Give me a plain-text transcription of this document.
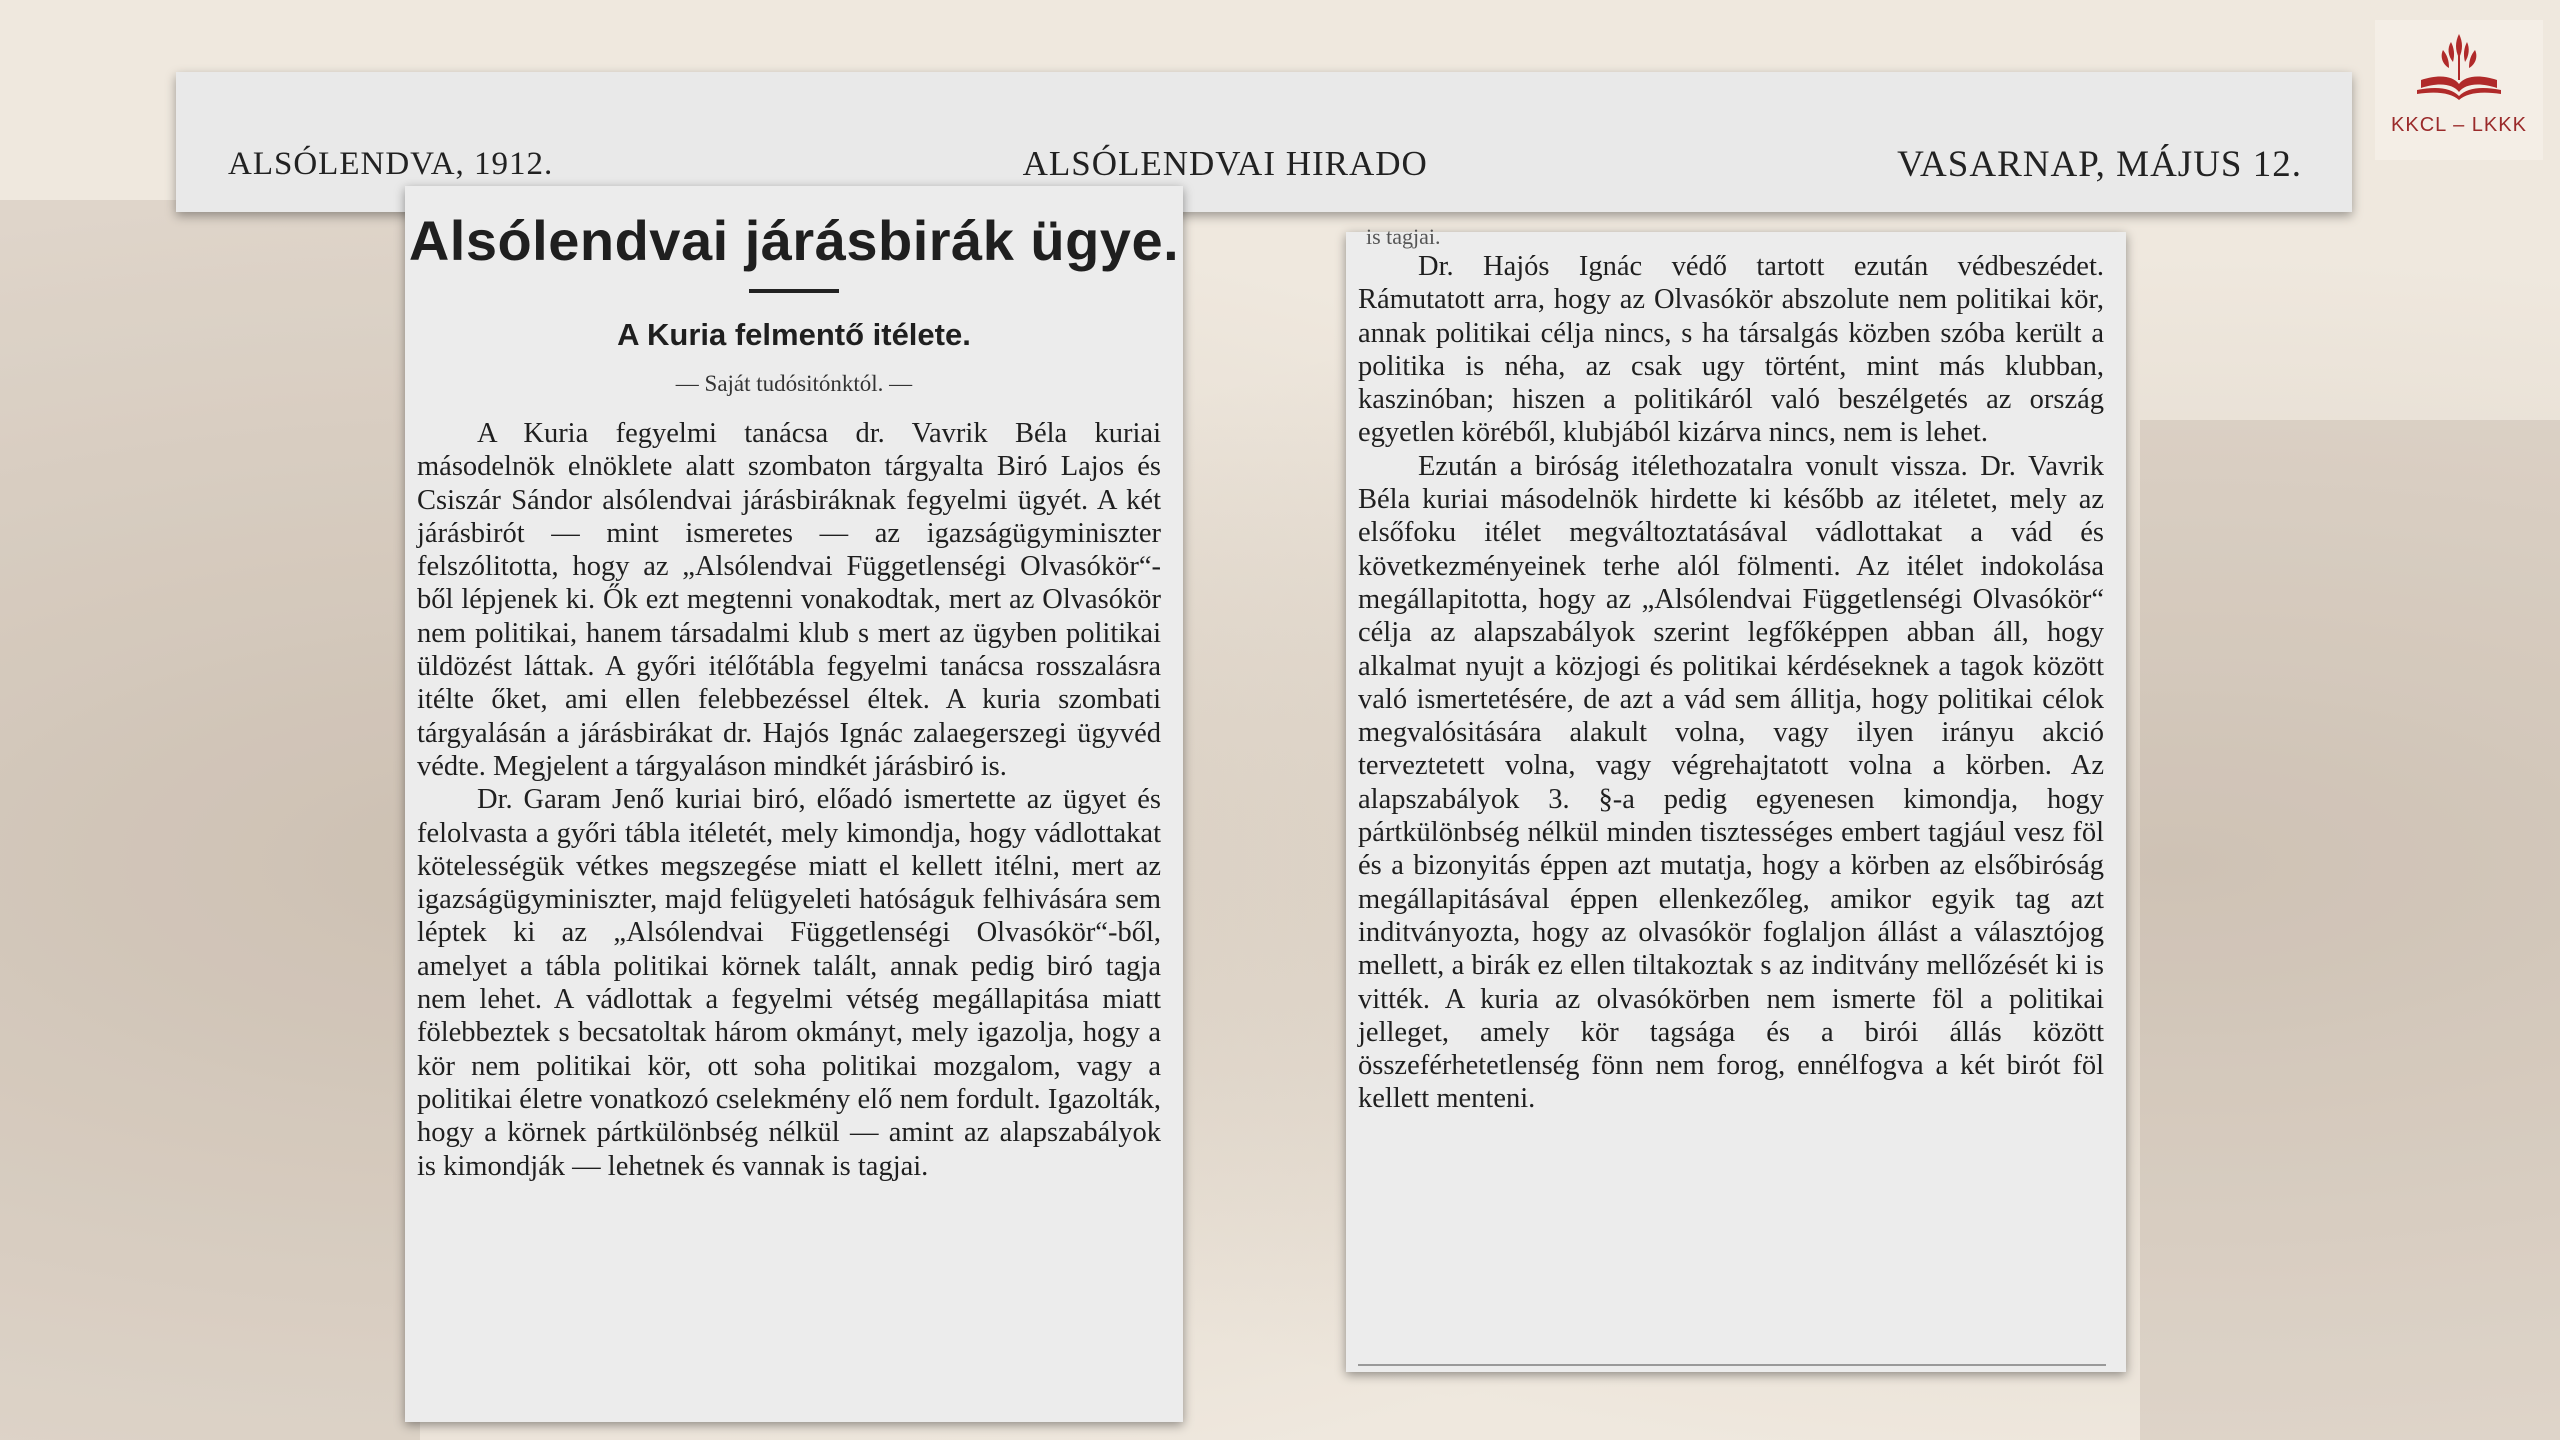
ALSÓLENDVA, 1912.	ALSÓLENDVAI HIRADO	VASARNAP, MÁJUS 12.
KKCL – LKKK
Alsólendvai járásbirák ügye.
A Kuria felmentő itélete.
— Saját tudósitónktól. —

A Kuria fegyelmi tanácsa dr. Vavrik Béla kuriai másodelnök elnöklete alatt szombaton tárgyalta Biró Lajos és Csiszár Sándor alsólendvai járásbiráknak fegyelmi ügyét. A két járásbirót — mint ismeretes — az igazságügyminiszter felszólitotta, hogy az „Alsólendvai Függetlenségi Olvasókör“-ből lépjenek ki. Ők ezt megtenni vonakodtak, mert az Olvasókör nem politikai, hanem társadalmi klub s mert az ügyben politikai üldözést láttak. A győri itélőtábla fegyelmi tanácsa rosszalásra itélte őket, ami ellen felebbezéssel éltek. A kuria szombati tárgyalásán a járásbirákat dr. Hajós Ignác zalaegerszegi ügyvéd védte. Megjelent a tárgyaláson mindkét járásbiró is.

Dr. Garam Jenő kuriai biró, előadó ismertette az ügyet és felolvasta a győri tábla itéletét, mely kimondja, hogy vádlottakat kötelességük vétkes megszegése miatt el kellett itélni, mert az igazságügyminiszter, majd felügyeleti hatóságuk felhivására sem léptek ki az „Alsólendvai Függetlenségi Olvasókör“-ből, amelyet a tábla politikai körnek talált, annak pedig biró tagja nem lehet. A vádlottak a fegyelmi vétség megállapitása miatt fölebbeztek s becsatoltak három okmányt, mely igazolja, hogy a kör nem politikai kör, ott soha politikai mozgalom, vagy a politikai életre vonatkozó cselekmény elő nem fordult. Igazolták, hogy a körnek pártkülönbség nélkül — amint az alapszabályok is kimondják — lehetnek és vannak is tagjai.

is tagjai.

Dr. Hajós Ignác védő tartott ezután védbeszédet. Rámutatott arra, hogy az Olvasókör abszolute nem politikai kör, annak politikai célja nincs, s ha társalgás közben szóba került a politika is néha, az csak ugy történt, mint más klubban, kaszinóban; hiszen a politikáról való beszélgetés az ország egyetlen köréből, klubjából kizárva nincs, nem is lehet.

Ezután a biróság itélethozatalra vonult vissza. Dr. Vavrik Béla kuriai másodelnök hirdette ki később az itéletet, mely az elsőfoku itélet megváltoztatásával vádlottakat a vád és következményeinek terhe alól fölmenti. Az itélet indokolása megállapitotta, hogy az „Alsólendvai Függetlenségi Olvasókör“ célja az alapszabályok szerint legfőképpen abban áll, hogy alkalmat nyujt a közjogi és politikai kérdéseknek a tagok között való ismertetésére, de azt a vád sem állitja, hogy politikai célok megvalósitására alakult volna, vagy ilyen irányu akció terveztetett volna, vagy végrehajtatott volna a körben. Az alapszabályok 3. §-a pedig egyenesen kimondja, hogy pártkülönbség nélkül minden tisztességes embert tagjául vesz föl és a bizonyitás éppen azt mutatja, hogy a körben az elsőbiróság megállapitásával éppen ellenkezőleg, amikor egyik tag azt inditványozta, hogy az olvasókör foglaljon állást a választójog mellett, a birák ez ellen tiltakoztak s az inditvány mellőzését ki is vitték. A kuria az olvasókörben nem ismerte föl a politikai jelleget, amely kör tagsága és a birói állás között összeférhetetlenség fönn nem forog, ennélfogva a két birót föl kellett menteni.
